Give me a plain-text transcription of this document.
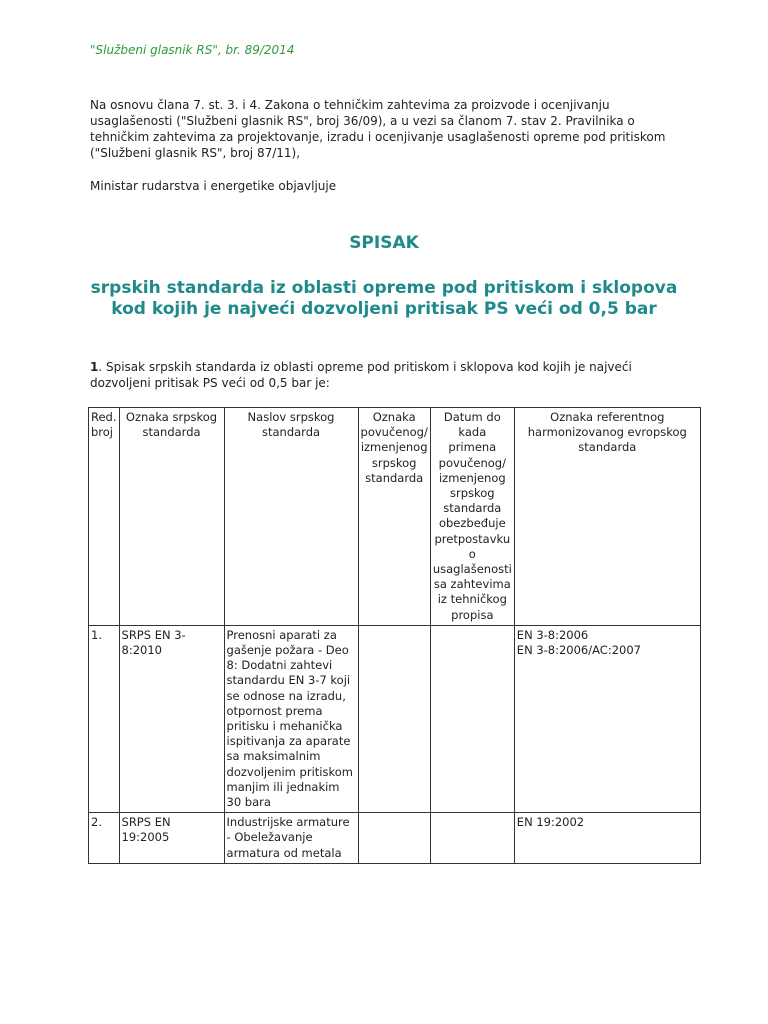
"Službeni glasnik RS", br. 89/2014

Na osnovu člana 7. st. 3. i 4. Zakona o tehničkim zahtevima za proizvode i ocenjivanju usaglašenosti ("Službeni glasnik RS", broj 36/09), a u vezi sa članom 7. stav 2. Pravilnika o tehničkim zahtevima za projektovanje, izradu i ocenjivanje usaglašenosti opreme pod pritiskom ("Službeni glasnik RS", broj 87/11),

Ministar rudarstva i energetike objavljuje

SPISAK
srpskih standarda iz oblasti opreme pod pritiskom i sklopova kod kojih je najveći dozvoljeni pritisak PS veći od 0,5 bar

1. Spisak srpskih standarda iz oblasti opreme pod pritiskom i sklopova kod kojih je najveći dozvoljeni pritisak PS veći od 0,5 bar je:

Red. broj	Oznaka srpskog standarda	Naslov srpskog standarda	Oznaka povučenog/ izmenjenog srpskog standarda	Datum do kada primena povučenog/ izmenjenog srpskog standarda obezbeđuje pretpostavku o usaglašenosti sa zahtevima iz tehničkog propisa	Oznaka referentnog harmonizovanog evropskog standarda
1.	SRPS EN 3-8:2010	Prenosni aparati za gašenje požara - Deo 8: Dodatni zahtevi standardu EN 3-7 koji se odnose na izradu, otpornost prema pritisku i mehanička ispitivanja za aparate sa maksimalnim dozvoljenim pritiskom manjim ili jednakim 30 bara			EN 3-8:2006
EN 3-8:2006/AC:2007

2.	SRPS EN 19:2005	Industrijske armature - Obeležavanje armatura od metala			EN 19:2002
